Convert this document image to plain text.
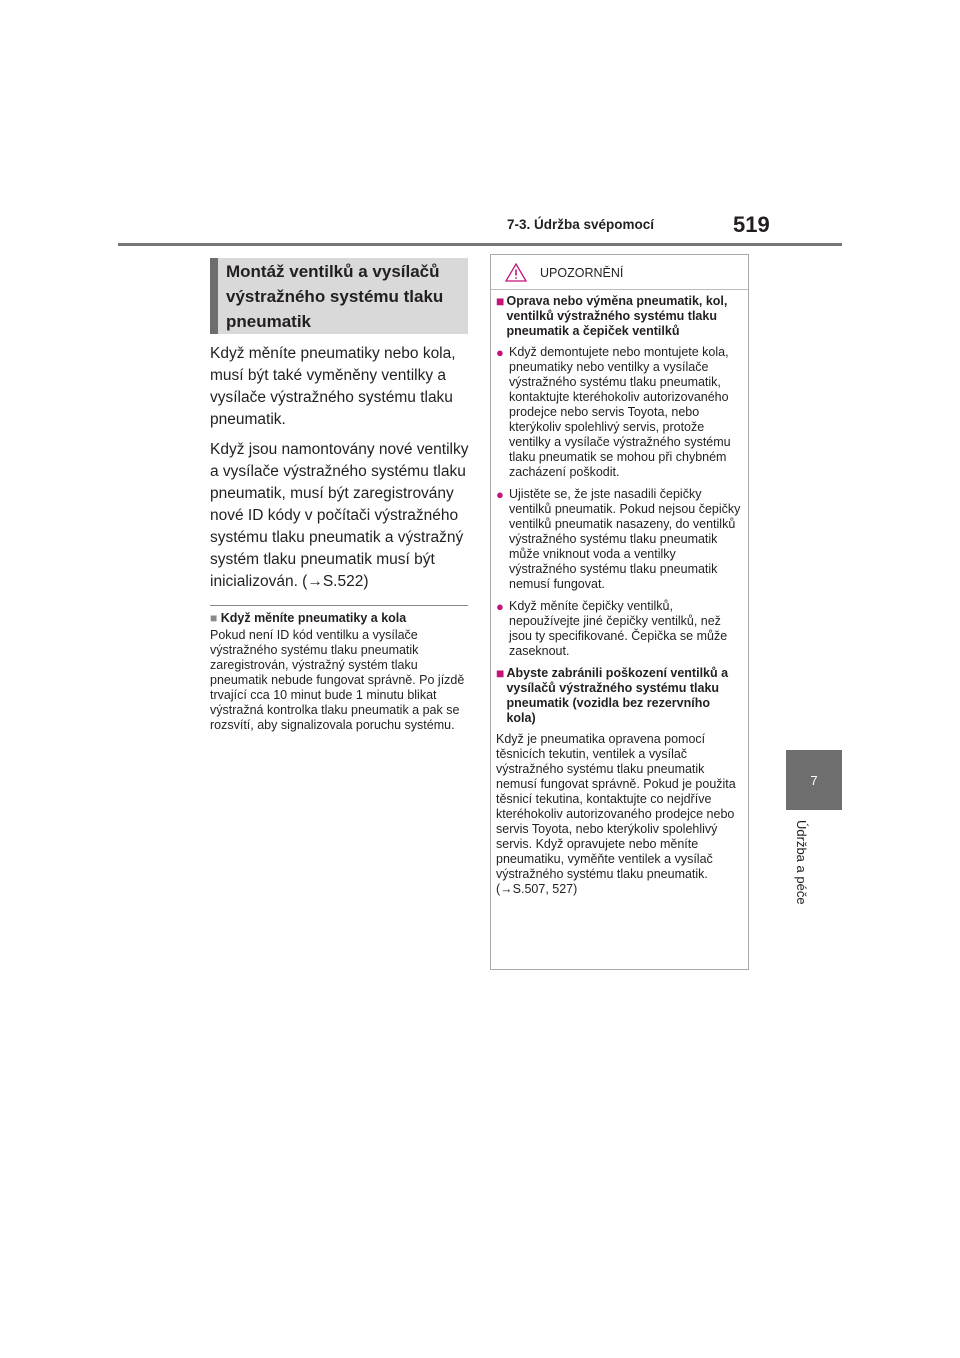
7-3. Údržba svépomocí	519
7
Údržba a péče
Montáž ventilků a vysílačů výstražného systému tlaku pneumatik

Když měníte pneumatiky nebo kola, musí být také vyměněny ventilky a vysílače výstražného systému tlaku pneumatik.

Když jsou namontovány nové ventilky a vysílače výstražného systému tlaku pneumatik, musí být zaregistrovány nové ID kódy v počítači výstražného systému tlaku pneumatik a výstražný systém tlaku pneumatik musí být inicializován. (→S.522)

■ Když měníte pneumatiky a kola
Pokud není ID kód ventilku a vysílače výstražného systému tlaku pneumatik zaregistrován, výstražný systém tlaku pneumatik nebude fungovat správně. Po jízdě trvající cca 10 minut bude 1 minutu blikat výstražná kontrolka tlaku pneumatik a pak se rozsvítí, aby signalizovala poruchu systému.
UPOZORNĚNÍ
■ Oprava nebo výměna pneumatik, kol, ventilků výstražného systému tlaku pneumatik a čepiček ventilků
● Když demontujete nebo montujete kola, pneumatiky nebo ventilky a vysílače výstražného systému tlaku pneumatik, kontaktujte kteréhokoliv autorizovaného prodejce nebo servis Toyota, nebo kterýkoliv spolehlivý servis, protože ventilky a vysílače výstražného systému tlaku pneumatik se mohou při chybném zacházení poškodit.
● Ujistěte se, že jste nasadili čepičky ventilků pneumatik. Pokud nejsou čepičky ventilků pneumatik nasazeny, do ventilků výstražného systému tlaku pneumatik může vniknout voda a ventilky výstražného systému tlaku pneumatik nemusí fungovat.
● Když měníte čepičky ventilků, nepoužívejte jiné čepičky ventilků, než jsou ty specifikované. Čepička se může zaseknout.
■ Abyste zabránili poškození ventilků a vysílačů výstražného systému tlaku pneumatik (vozidla bez rezervního kola)

Když je pneumatika opravena pomocí těsnicích tekutin, ventilek a vysílač výstražného systému tlaku pneumatik nemusí fungovat správně. Pokud je použita těsnicí tekutina, kontaktujte co nejdříve kteréhokoliv autorizovaného prodejce nebo servis Toyota, nebo kterýkoliv spolehlivý servis. Když opravujete nebo měníte pneumatiku, vyměňte ventilek a vysílač výstražného systému tlaku pneumatik. (→S.507, 527)
